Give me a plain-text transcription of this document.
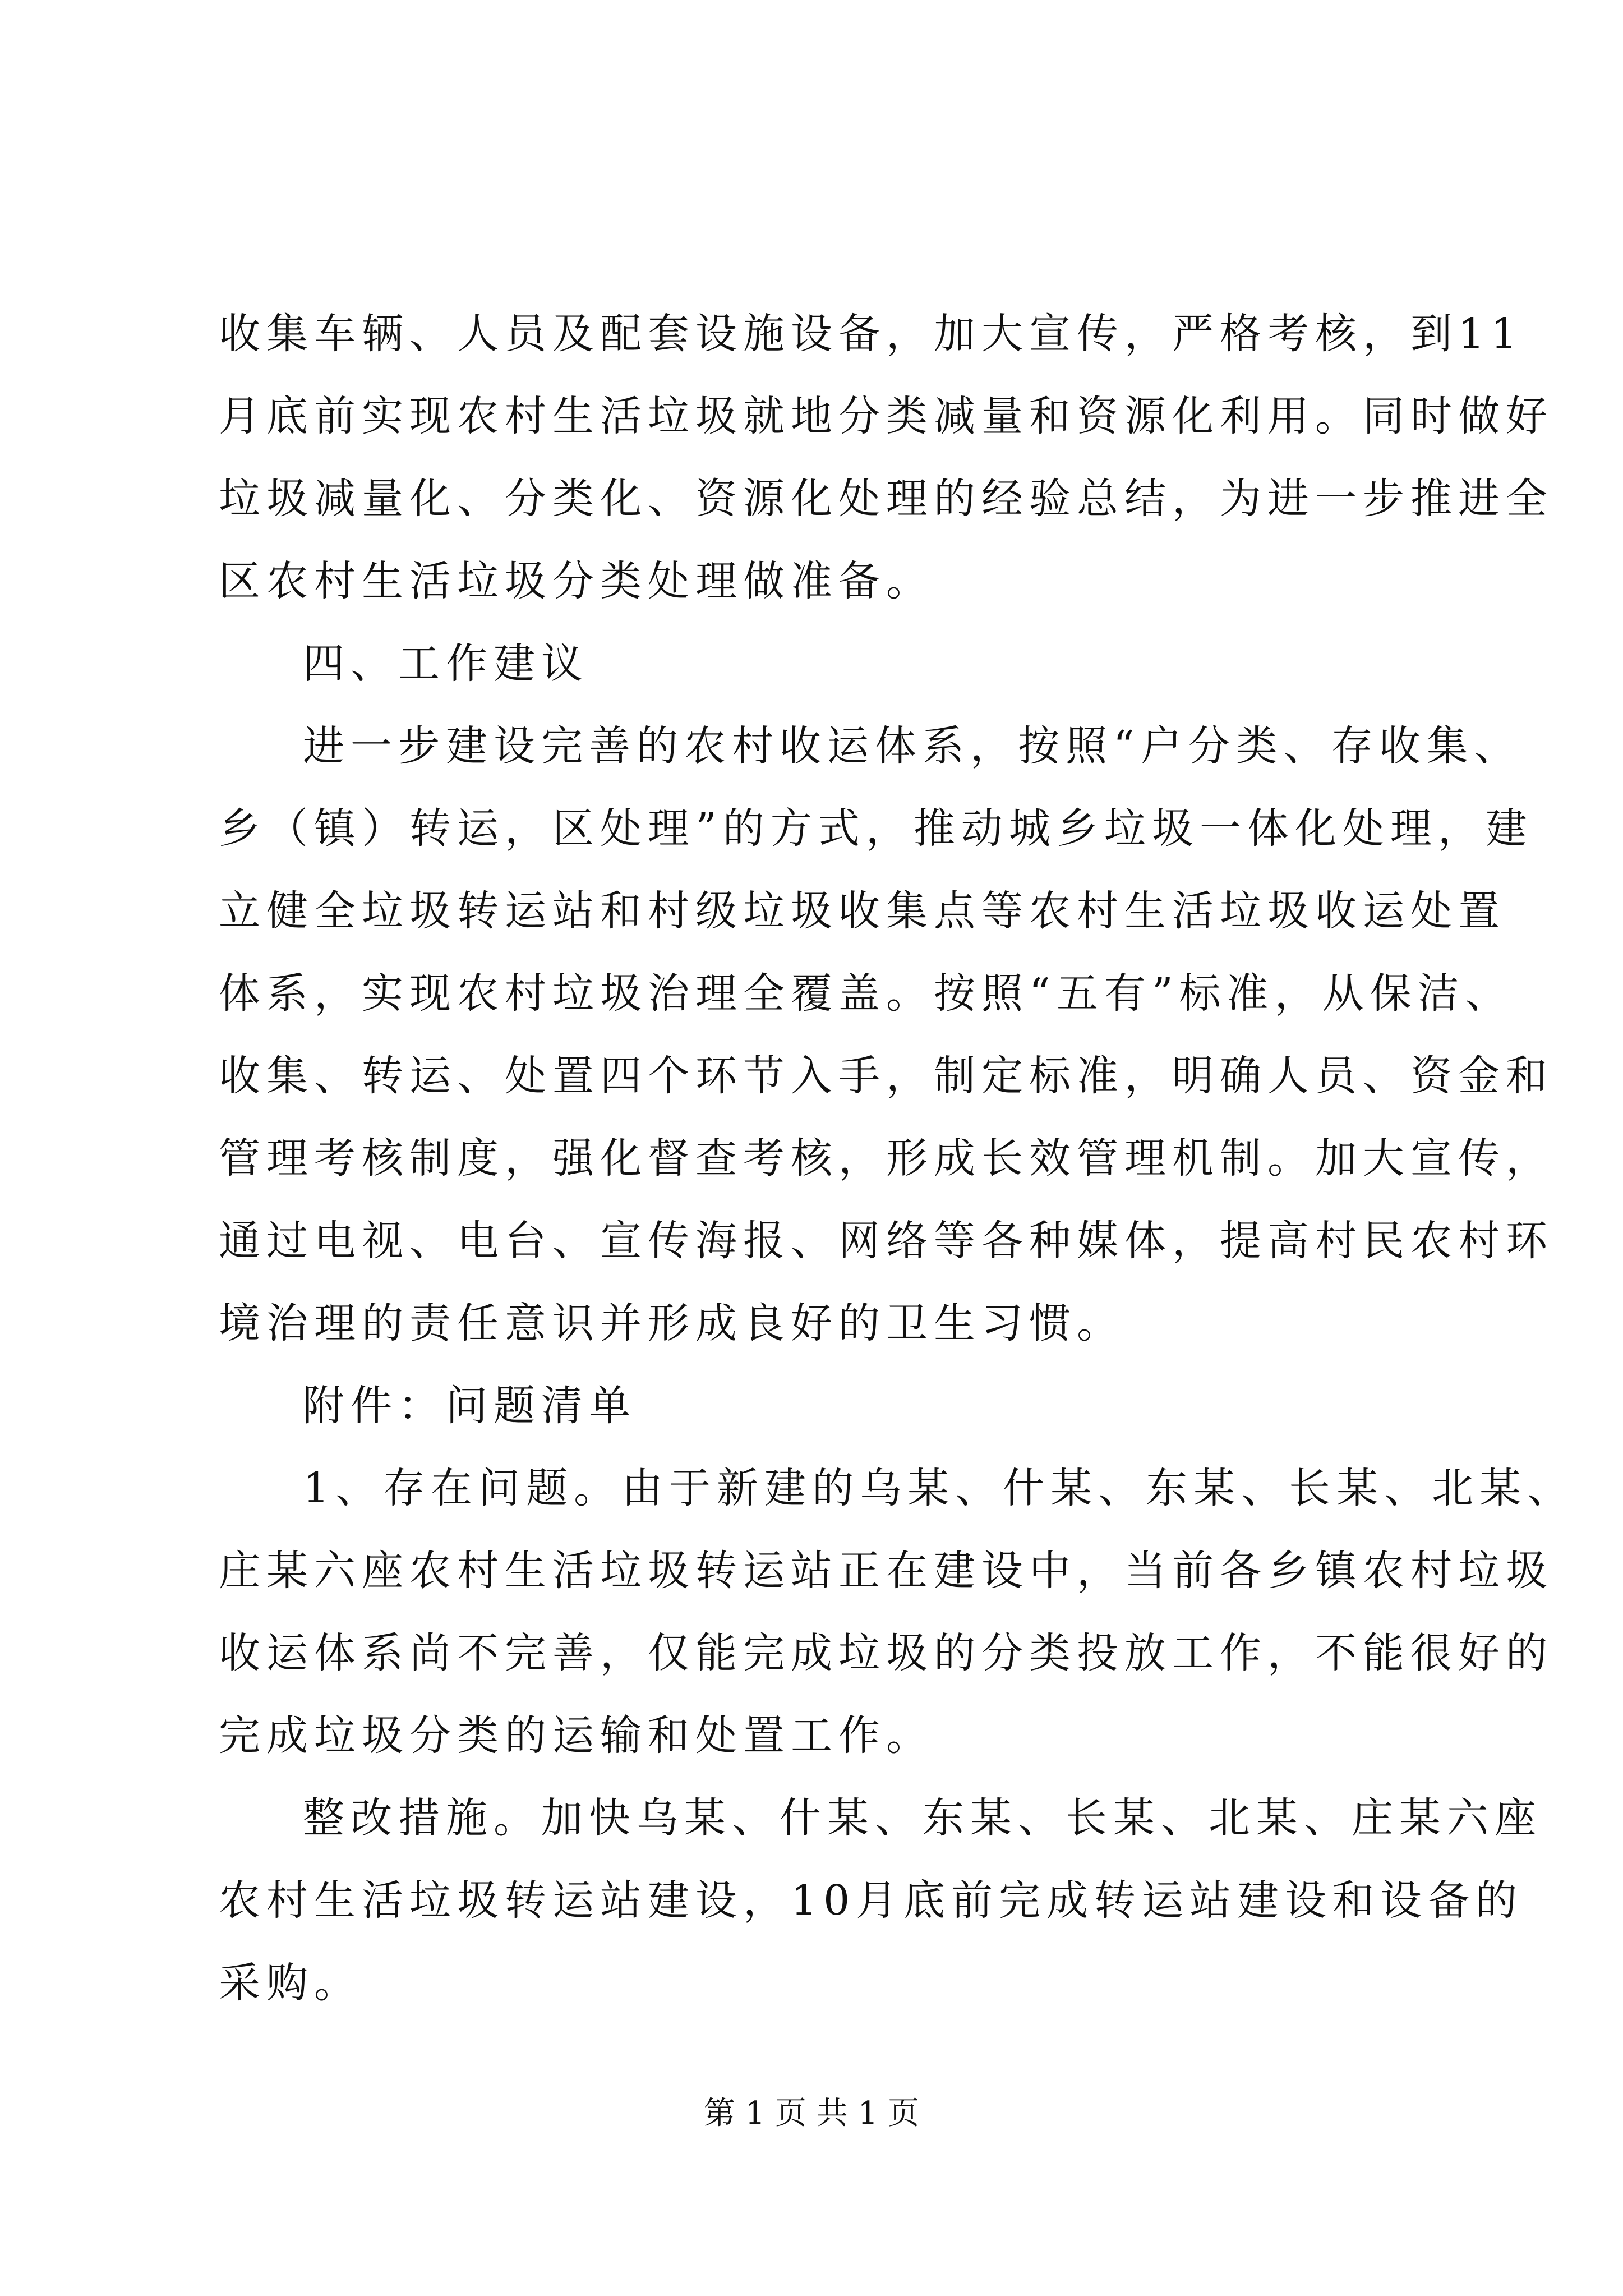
收集车辆、人员及配套设施设备，加大宣传，严格考核，到11
月底前实现农村生活垃圾就地分类减量和资源化利用。同时做好
垃圾减量化、分类化、资源化处理的经验总结，为进一步推进全
区农村生活垃圾分类处理做准备。
四、工作建议
进一步建设完善的农村收运体系，按照“户分类、存收集、
乡（镇）转运，区处理”的方式，推动城乡垃圾一体化处理，建
立健全垃圾转运站和村级垃圾收集点等农村生活垃圾收运处置
体系，实现农村垃圾治理全覆盖。按照“五有”标准，从保洁、
收集、转运、处置四个环节入手，制定标准，明确人员、资金和
管理考核制度，强化督查考核，形成长效管理机制。加大宣传，
通过电视、电台、宣传海报、网络等各种媒体，提高村民农村环
境治理的责任意识并形成良好的卫生习惯。
附件：问题清单
1、存在问题。由于新建的乌某、什某、东某、长某、北某、
庄某六座农村生活垃圾转运站正在建设中，当前各乡镇农村垃圾
收运体系尚不完善，仅能完成垃圾的分类投放工作，不能很好的
完成垃圾分类的运输和处置工作。
整改措施。加快乌某、什某、东某、长某、北某、庄某六座
农村生活垃圾转运站建设，10月底前完成转运站建设和设备的
采购。
第 1 页 共 1 页
